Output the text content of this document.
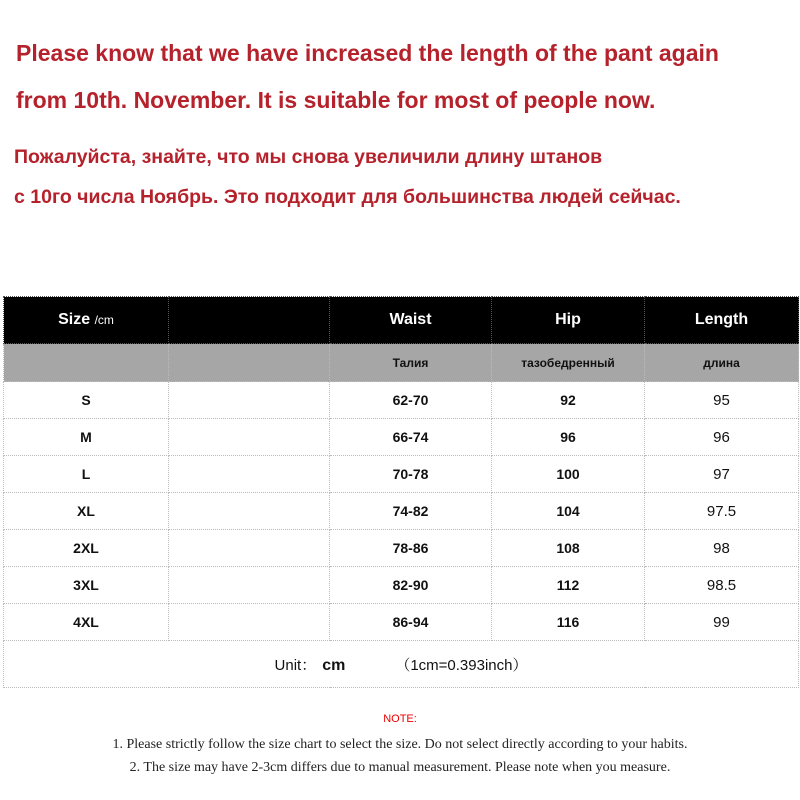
Please know that we have increased the length of the pant again
from 10th. November. It is suitable for most of people now.
Пожалуйста, знайте, что мы снова увеличили длину штанов
с 10го числа Ноябрь. Это подходит для большинства людей сейчас.
Size /cm		Waist	Hip	Length
		Талия	тазобедренный	длина
S		62-70	92	95
M		66-74	96	96
L		70-78	100	97
XL		74-82	104	97.5
2XL		78-86	108	98
3XL		82-90	112	98.5
4XL		86-94	116	99
Unit： cm （1cm=0.393inch）				
NOTE:
1. Please strictly follow the size chart to select the size. Do not select directly according to your habits.
2. The size may have 2-3cm differs due to manual measurement. Please note when you measure.
